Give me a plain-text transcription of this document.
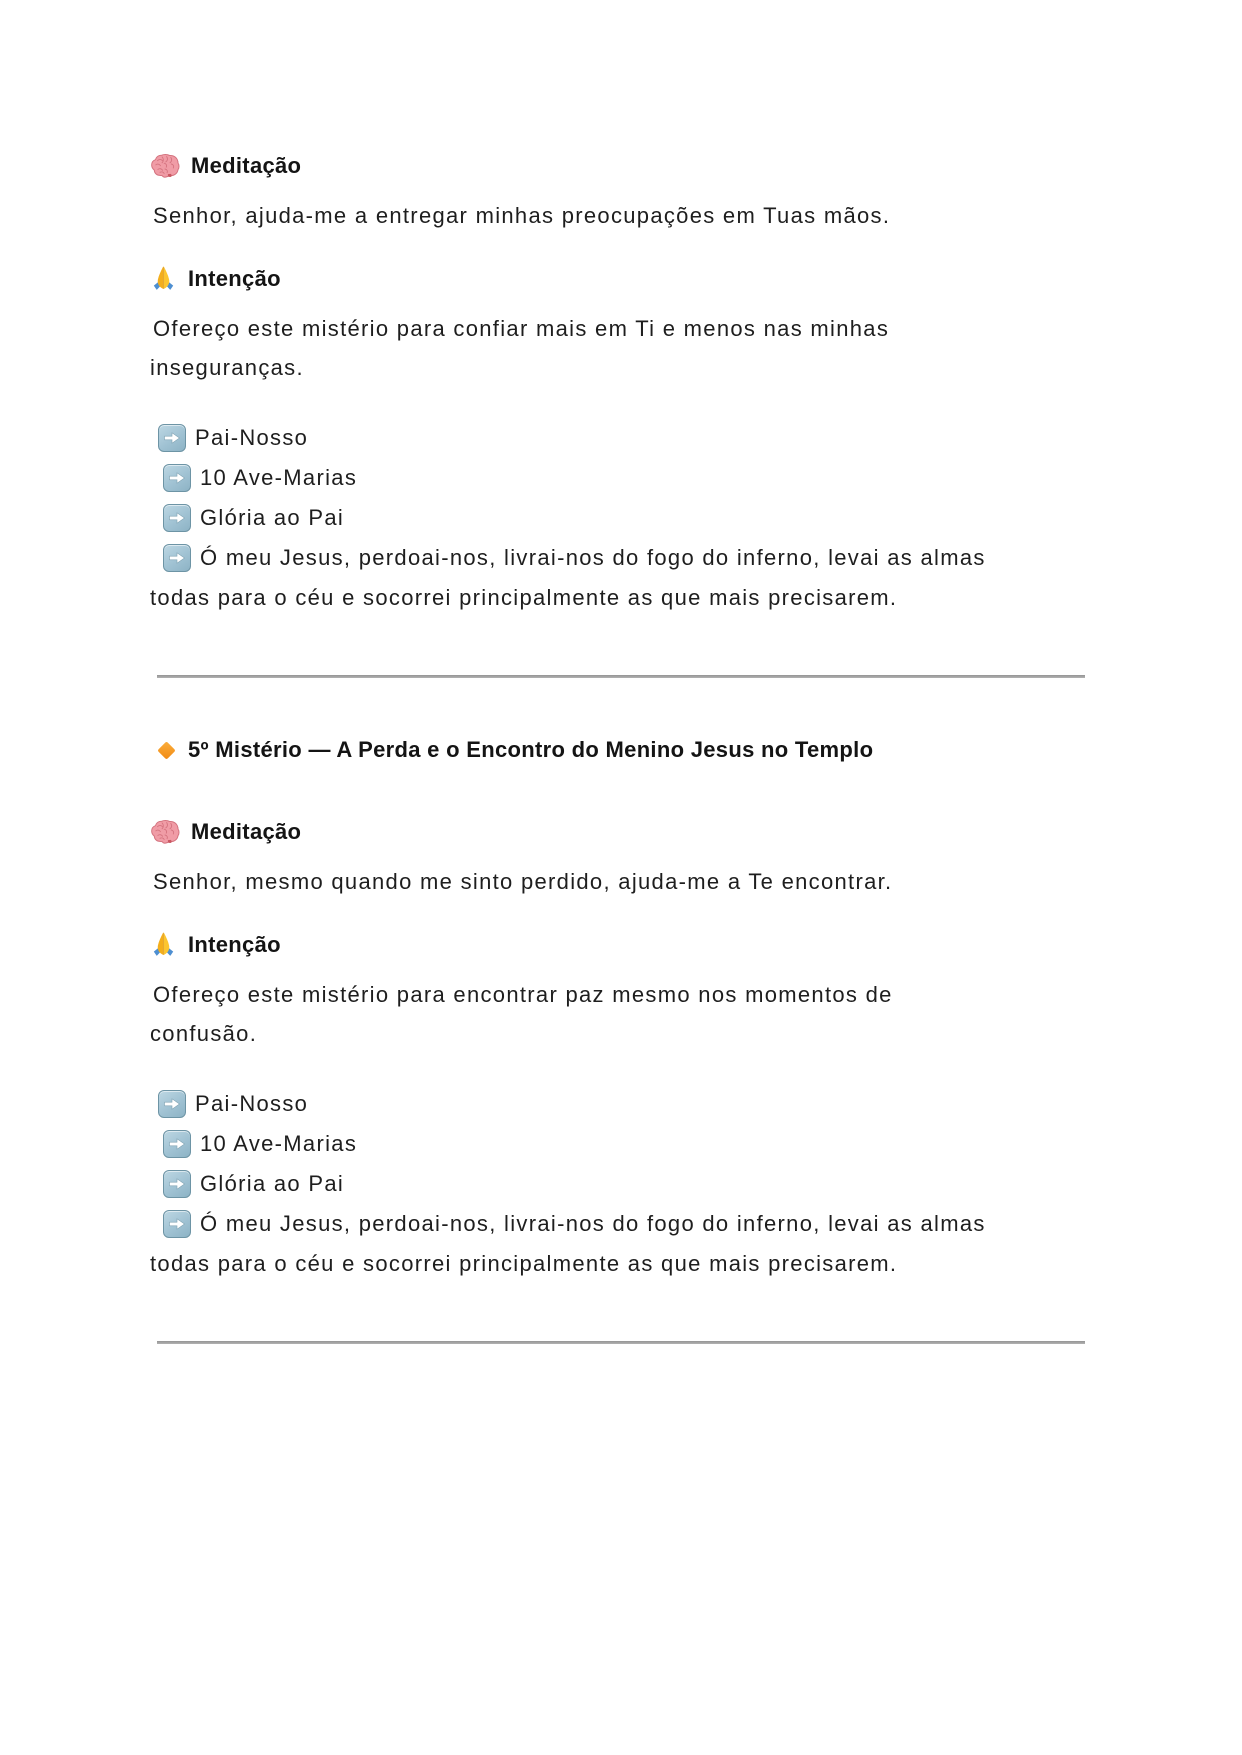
Meditação
Senhor, ajuda-me a entregar minhas preocupações em Tuas mãos.
Intenção
Ofereço este mistério para confiar mais em Ti e menos nas minhas
inseguranças.
Pai-Nosso
10 Ave-Marias
Glória ao Pai
Ó meu Jesus, perdoai-nos, livrai-nos do fogo do inferno, levai as almas
todas para o céu e socorrei principalmente as que mais precisarem.
5º Mistério — A Perda e o Encontro do Menino Jesus no Templo
Meditação
Senhor, mesmo quando me sinto perdido, ajuda-me a Te encontrar.
Intenção
Ofereço este mistério para encontrar paz mesmo nos momentos de
confusão.
Pai-Nosso
10 Ave-Marias
Glória ao Pai
Ó meu Jesus, perdoai-nos, livrai-nos do fogo do inferno, levai as almas
todas para o céu e socorrei principalmente as que mais precisarem.
